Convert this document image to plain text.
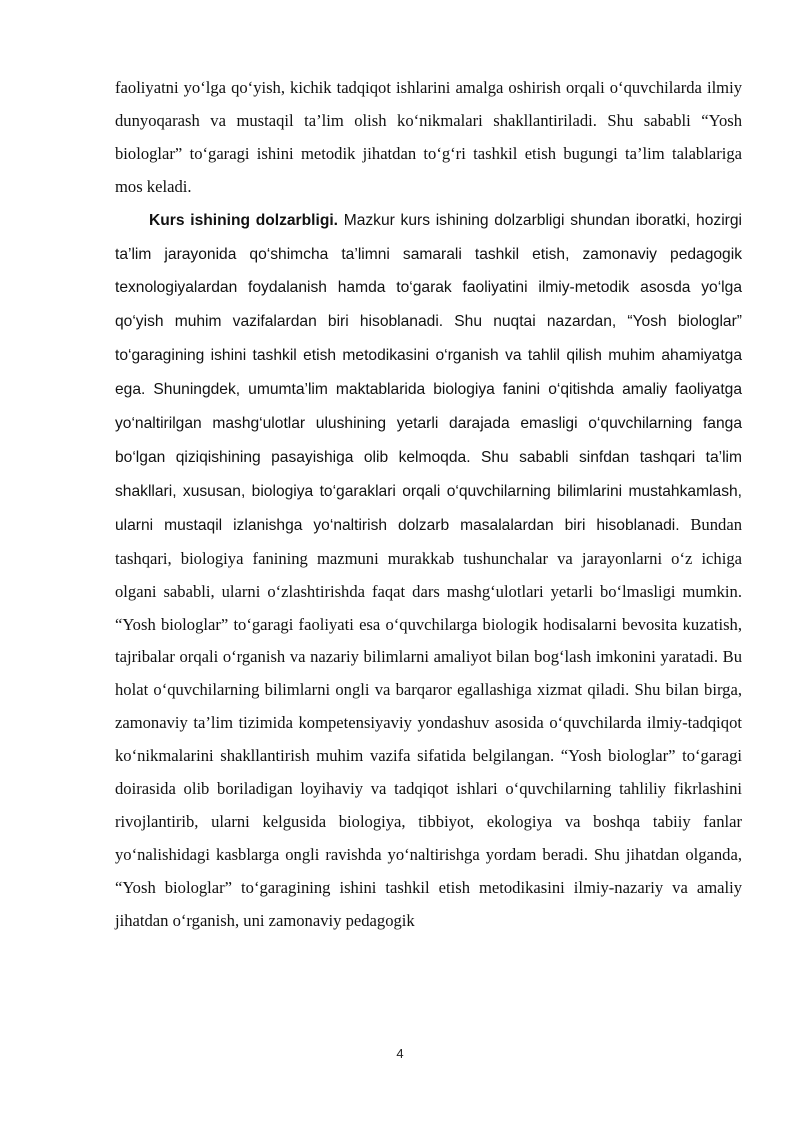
faoliyatni yo‘lga qo‘yish, kichik tadqiqot ishlarini amalga oshirish orqali o‘quvchilarda ilmiy dunyoqarash va mustaqil ta’lim olish ko‘nikmalari shakllantiriladi. Shu sababli “Yosh biologlar” to‘garagi ishini metodik jihatdan to‘g‘ri tashkil etish bugungi ta’lim talablariga mos keladi.

Kurs ishining dolzarbligi. Mazkur kurs ishining dolzarbligi shundan iboratki, hozirgi ta’lim jarayonida qo‘shimcha ta’limni samarali tashkil etish, zamonaviy pedagogik texnologiyalardan foydalanish hamda to‘garak faoliyatini ilmiy-metodik asosda yo‘lga qo‘yish muhim vazifalardan biri hisoblanadi. Shu nuqtai nazardan, “Yosh biologlar” to‘garagining ishini tashkil etish metodikasini o‘rganish va tahlil qilish muhim ahamiyatga ega. Shuningdek, umumta’lim maktablarida biologiya fanini o‘qitishda amaliy faoliyatga yo‘naltirilgan mashg‘ulotlar ulushining yetarli darajada emasligi o‘quvchilarning fanga bo‘lgan qiziqishining pasayishiga olib kelmoqda. Shu sababli sinfdan tashqari ta’lim shakllari, xususan, biologiya to‘garaklari orqali o‘quvchilarning bilimlarini mustahkamlash, ularni mustaqil izlanishga yo‘naltirish dolzarb masalalardan biri hisoblanadi. Bundan tashqari, biologiya fanining mazmuni murakkab tushunchalar va jarayonlarni o‘z ichiga olgani sababli, ularni o‘zlashtirishda faqat dars mashg‘ulotlari yetarli bo‘lmasligi mumkin. “Yosh biologlar” to‘garagi faoliyati esa o‘quvchilarga biologik hodisalarni bevosita kuzatish, tajribalar orqali o‘rganish va nazariy bilimlarni amaliyot bilan bog‘lash imkonini yaratadi. Bu holat o‘quvchilarning bilimlarni ongli va barqaror egallashiga xizmat qiladi. Shu bilan birga, zamonaviy ta’lim tizimida kompetensiyaviy yondashuv asosida o‘quvchilarda ilmiy-tadqiqot ko‘nikmalarini shakllantirish muhim vazifa sifatida belgilangan. “Yosh biologlar” to‘garagi doirasida olib boriladigan loyihaviy va tadqiqot ishlari o‘quvchilarning tahliliy fikrlashini rivojlantirib, ularni kelgusida biologiya, tibbiyot, ekologiya va boshqa tabiiy fanlar yo‘nalishidagi kasblarga ongli ravishda yo‘naltirishga yordam beradi. Shu jihatdan olganda, “Yosh biologlar” to‘garagining ishini tashkil etish metodikasini ilmiy-nazariy va amaliy jihatdan o‘rganish, uni zamonaviy pedagogik

4
